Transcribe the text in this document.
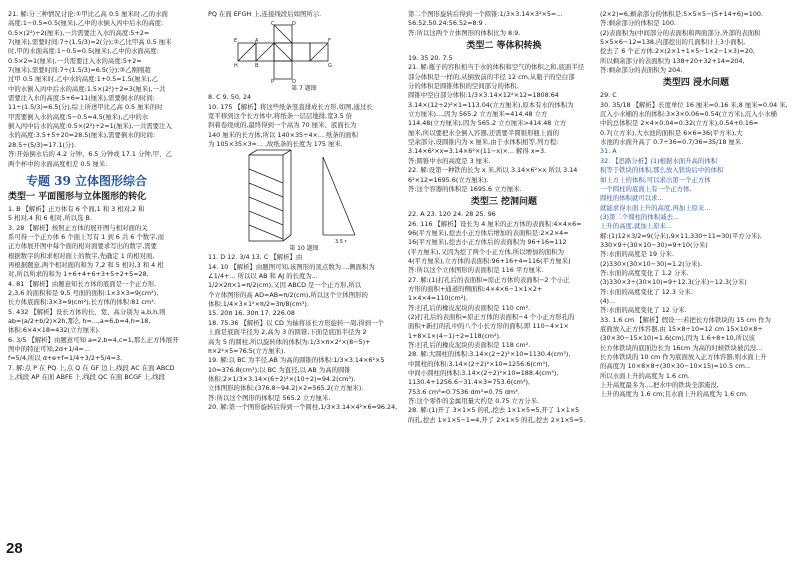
21. 解:分三种情况讨论:①甲比乙高 0.5 厘米时,乙的水面
高度:1−0.5=0.5(厘米),乙中的水倒入丙中后水的高度:
0.5×(2²)÷2(厘米),一共需要注入水的高度:5+2=
7(厘米),需要时间:7÷(1.5/3)=2(分);②乙比甲高 0.5 厘米
时,甲的水面高度:1−0.5=0.5(厘米),乙中的水面高度:
0.5×2=1(厘米),一共需要注入水的高度:5+2=
7(厘米),需要时间:7÷(1.5/3)=6.5(分);③乙刚刚超
过甲 0.5 厘米时,乙中水的高度:1+0.5=1.5(厘米),乙
中的水倒入丙中后水的高度:1.5×(2²)÷2=3(厘米),一共
需要注入水的高度:5+6=11(厘米),需要倒水的时间:
11÷(1.5/3)=6.5(分),综上所述甲比乙高 0.5 厘米的时
甲需要倒入水的高度:5−0.5=4.5(厘米),乙中的水
倒入丙中后水的高度:0.5×(2²)÷2=1(厘米),一共需要注入
水的高度:3.5+5+20=28.5(厘米),需要倒水的时间:
28.5÷(5/3)=17.1(分).
答:开始倒水后的 4.2 分钟、6.5 分钟或 17.1 分钟,甲、乙
两个杯中的水面高度相差 0.5 厘米.
专题 39 立体图形综合
类型一 平面图形与立体图形的转化
1. B 【解析】正方体有 6 个面,1 和 3 相对,2 和
5 相对,4 和 6 相对,所以选 B.
3. 28 【解析】按照正方体的展开图与相对面的关
系可得一个正方体 6 个面上写有 1 到 6 共 6 个数字,而
正方体展开图中每个面的相对面要求写出的数字,需要
根据数字的和求相对面上的数字,先确定 1 的相对面,
再根据题意,两个相对面的和为 7,2 和 5 相对,3 和 4 相
对,所以所求的和为 1+6+4+6+3+5+2+5=28.
4. 81 【解析】由题意知长方体的底面是一个正方形,
2,3,6 的面积和是 9,5 号面的面积:1×3×3=9(cm²),
长方体底面积:3×3=9(cm²),长方体的体积:81 cm³.
5. 432 【解析】设长方体的长、宽、高分别为 a,b,h,则
ab=(a/2+b/2)×2h,那么 h=...,a=6,b=4,h=18,
体积:6×4×18=432(立方厘米).
6. 3/5 【解析】由题意可知 a=2,b=4,c=1,那么正方体展开
图中的特征可知,2d+1/4=...
f=5/4,所以 d+e+f=1/4+3/2+5/4=3.
7. 解:点 P 在 PQ 上,点 Q 在 GF 边上,线段 AC 在面 ABCD
上,线段 AP 在面 ABFE 上,线段 QC 在面 BCGF 上,线段
PQ 在面 EFGH 上,连接线段后如图所示.
C	D
E	A	F
H	B	G
P	Q
第 7 题图
8. C 9. 50, 24
10. 175 【解析】将这些纸条竖直排成长方形,如图,通过长
宽平移到这个长方体中,将纸条一层层地排,宽3.5 倍
斜着卷绕成的,最终得到一个高为 70 厘米、底面长为
140 厘米的长方体,所以 140×35÷4×... 纸条的面积
为 105×35×3=... ,故纸条的长度为 175 厘米.
3.5 r
第 10 题图
11. D 12. 3/4 13. C 【解析】由
14. 10 【解析】由题图可知,该图形的顶点数为...,侧面积为
∠1/4+... 所以以 AB 和 AJ 的长度为...
1/2×2π×1=π/2(cm),又因 ABCD 是一个正方形,所以
个立体图形的高 AD=AB=π/2(cm),所以这个立体图形的
体积:1/4×3×1²×π/2=3π/8(cm³).
15. 20π 16. 30π 17. 226.08
18. 75.36 【解析】以 CD 为轴将该长方形旋转一周,得到一个
上面是底面半径为 2,高为 3 的圆锥,下面是底面半径为 2
高为 5 的圆柱,所以旋转体的体积为:1/3×π×2²×(8−5)+
π×2²×5=76.5(立方厘米).
19. 解:以 BC 为半径,AB 为高的圆锥的体积:1/3×3.14×6²×5
10=376.8(cm³);以 BC 为直径,以 AB 为高的圆锥
体积:2×1/3×3.14×(6÷2)²×(10÷2)=94.2(cm³).
立体图形的体积:(376.8−94.2)×2=565.2(立方厘米).
答:所以这个图形的体积是 565.2 立方厘米.
20. 解:第一个图形旋转后得到一个圆柱,1/3×3.14×4²×6=96.24,
第二个图形旋转后得到一个圆锥:1/3×3.14×3²×5=...
56.52,50.24:56.52=8:9 .
答:所以这两个立体图形的体积比为 8:9.
类型二 等体积转换
19. 35 20. 7.5
21. 解:瓶子的容积相当于水的体积和空气的体积之和,底面半径
部分体积是一样的,从倒放前的半径 12 cm,从瓶子的空白部
分的体积是圆锥体积的空间部分的体积.
圆锥中空白部分体积:1/3×3.14×12²×12=1808.64
3.14×(12÷2)²×1=113.04(立方厘米),原本有水的体积为
立方厘米)...,因为 565.2 立方厘米=414.48 立方
114.48(立方厘米),因为 565.2 立方厘米>414.48 立方
厘米,所以要把水全倒入容器,还需要半圆锥形瓶上面的
空余部分,设圆锥内为 x 厘米,由于水体积相等,列方程:
3.14×6²×x=3.14×6²×(11−x)×... 解得 x=3.
答:圆锥中水的高度是 3 厘米.
22. 解:设第一种铁的长为 x 米,所以 3.14×6²×x 所以 3.14
6²×12=1695.6(立方厘米).
答:这个容器的体积是 1695.6 立方厘米.
类型三 挖洞问题
22. A 23. 120 24. 28 25. 96
26. 116 【解析】设长为 4 厘米的正方体的表面积:4×4×6=
96(平方厘米),挖去小正方体后增加的表面积是:2×2×4=
16(平方厘米),挖去小正方体后的表面积为 96+16=112
(平方厘米),又因为挖了两个小正方体,所以增加的面积为
4(平方厘米),立方体的表面积:96+16+4=116(平方厘米)
答:所以这个立体图形的表面积是 116 平方厘米.
27. 解:(1)打孔后的表面积=原正方体的表面积−2 个小正
方形的面积+通道的侧面积:4×4×6−1×1×2+
1×4×4=110(cm²).
答:打孔后的橡皮泥块的表面积是 110 cm².
(2)打孔后的表面积=原正方体的表面积−4 个小正方形孔的
面积+新打的孔中的八个小长方形的面积,即 110−4×1×
1+8×1×(4−1)÷2=118(cm²).
答:打孔后的橡皮泥块的表面积是 118 cm².
28. 解:大圆柱的体积:3.14×(2÷2)²×10=1130.4(cm³),
中圆柱的体积:3.14×(2÷2)²×10=1256.6(cm³),
中间小圆柱的体积:3.14×(2÷2)²×10=188.4(cm³),
1130.4+1256.6−31.4×3=753.6(cm³),
753.6 cm³=0.7536 dm³≈0.75 dm³.
答:这个零件的金属用量大约是 0.75 立方分米.
28. 解:(1)开了 3×1×5 的孔,挖去 1×1×5=5,开了 1×1×5
的孔,挖去 1×1×5−1=4,开了 2×1×5 的孔,挖去 2×1×5=5.
(2×2)=6,剩余部分的体积是:5×5×5−(5+14+6)=100.
答:剩余部分的体积是 100.
(2)表面积为(中间部分的表面积和两面部分,外部的表面积
5×5×6−12=138,内部挖出的几面积计上3小面积,
挖去了 6 个正方体:2×(2×1+1×5−1×2−1×3)=20,
所以剩余部分的表面积为 138+20+32+14=204,
答:剩余部分的表面积为 204.
类型四 浸水问题
29. C
30. 35/18 【解析】长度单位 16 厘米=0.16 米,8 厘米=0.04 米,
沉入小水桶的水的体积:3×3×0.06=0.54(立方米),沉入小水桶
中的总体积是 2×4×0.04=0.32(立方米),0.54+0.16=
0.7(立方米),大水池的面积是 6×6=36(平方米),大
水池的水面升高了 0.7÷36=0.7/36=35/18 厘米.
31. A
32. 【思路分析】(1)根据水面升高的体积
积等于铁块的体积,那么放入铁块后中的体积
如上方上的体积,可以求出第一个正方体
一个圆柱的底面上有一个正方体,
圆柱的体积就可以求...
就能求得水面上升的高度,再加上原来...
(3)第二个圆柱的体积减去...
上升的高度,就加上原来...
解:(1)12×3/2=9(分米),9×11,330÷11=30(平方分米),
330×9÷(30×10−30)=9+10(分米)
答:水面的高度是 19 分米.
(2)330×(30×10−30)=1.2(分米).
答:水面的高度变化了 1.2 分米.
(3)330×3÷(30×10)=9÷12.3(分米)−12.3(分米)
答:水面的高度变化了 12.3 分米.
(4)...
答:水面的高度变化了 12 分米.
33. 1.6 cm 【解析】假设一:若把长方体铁块的 15 cm 作为
底面放入正方体容器,由 15×8÷10=12 cm 15×10×8÷
(30×30−15×10)=1.6(cm),因为 1.6+8+10,所以该
长方体铁块的底面边长为 16cm 为高的时候铁块被沉没...
长方体铁块的 10 cm 作为底面放入正方体容器,则水面上升
的高度为 10×8×8÷(30×30−10×15)=10.5 cm...
所以水面上升的高度为 1.6 cm.
上升高度最多为...,把水中的铁块全部淹没,
上升的高度为 1.6 cm;且水面上升的高度为 1.6 cm.
28
